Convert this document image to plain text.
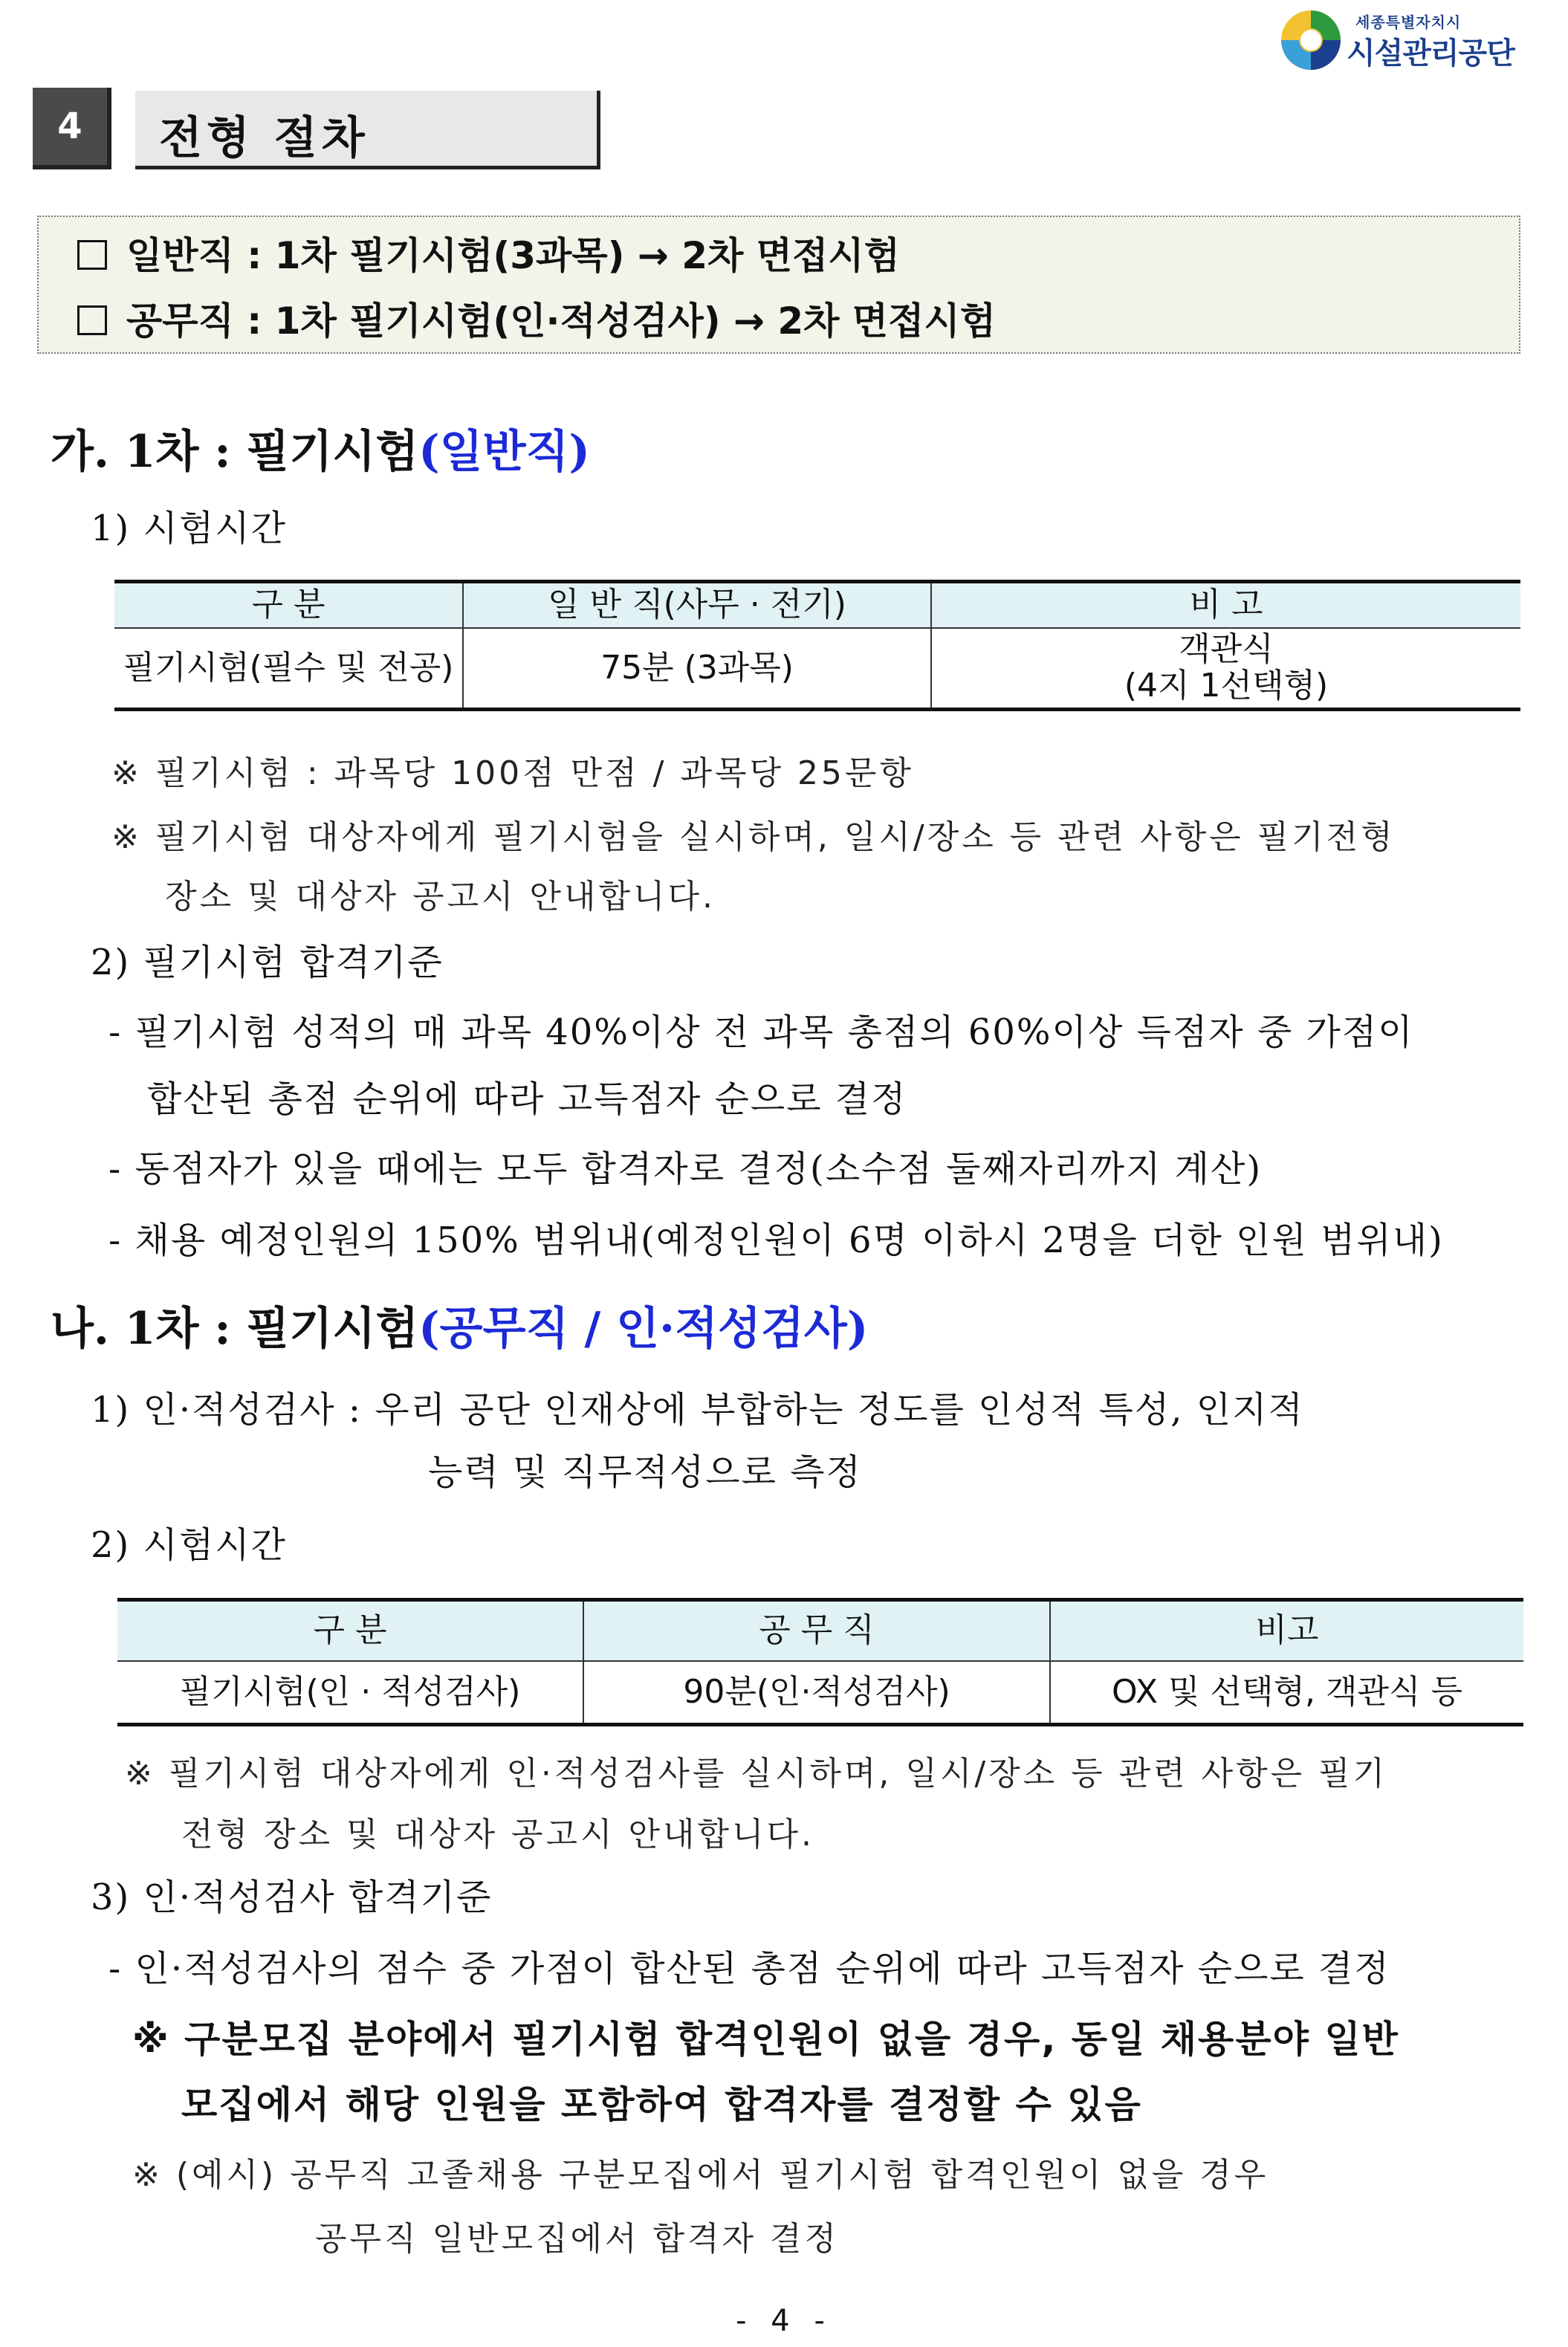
세종특별자치시
시설관리공단
4	전형 절차
일반직 : 1차 필기시험(3과목) → 2차 면접시험
공무직 : 1차 필기시험(인·적성검사) → 2차 면접시험
가. 1차 : 필기시험(일반직)
1) 시험시간
구 분	일 반 직(사무 · 전기)	비 고
필기시험(필수 및 전공)	75분 (3과목)	객관식
(4지 1선택형)
※ 필기시험 : 과목당 100점 만점 / 과목당 25문항
※ 필기시험 대상자에게 필기시험을 실시하며, 일시/장소 등 관련 사항은 필기전형
장소 및 대상자 공고시 안내합니다.
2) 필기시험 합격기준
- 필기시험 성적의 매 과목 40%이상 전 과목 총점의 60%이상 득점자 중 가점이
합산된 총점 순위에 따라 고득점자 순으로 결정
- 동점자가 있을 때에는 모두 합격자로 결정(소수점 둘째자리까지 계산)
- 채용 예정인원의 150% 범위내(예정인원이 6명 이하시 2명을 더한 인원 범위내)
나. 1차 : 필기시험(공무직 / 인·적성검사)
1) 인·적성검사 : 우리 공단 인재상에 부합하는 정도를 인성적 특성, 인지적
능력 및 직무적성으로 측정
2) 시험시간
구 분	공 무 직	비고
필기시험(인 · 적성검사)	90분(인·적성검사)	OX 및 선택형, 객관식 등
※ 필기시험 대상자에게 인·적성검사를 실시하며, 일시/장소 등 관련 사항은 필기
전형 장소 및 대상자 공고시 안내합니다.
3) 인·적성검사 합격기준
- 인·적성검사의 점수 중 가점이 합산된 총점 순위에 따라 고득점자 순으로 결정
※ 구분모집 분야에서 필기시험 합격인원이 없을 경우, 동일 채용분야 일반
모집에서 해당 인원을 포함하여 합격자를 결정할 수 있음
※ (예시) 공무직 고졸채용 구분모집에서 필기시험 합격인원이 없을 경우
공무직 일반모집에서 합격자 결정
- 4 -
